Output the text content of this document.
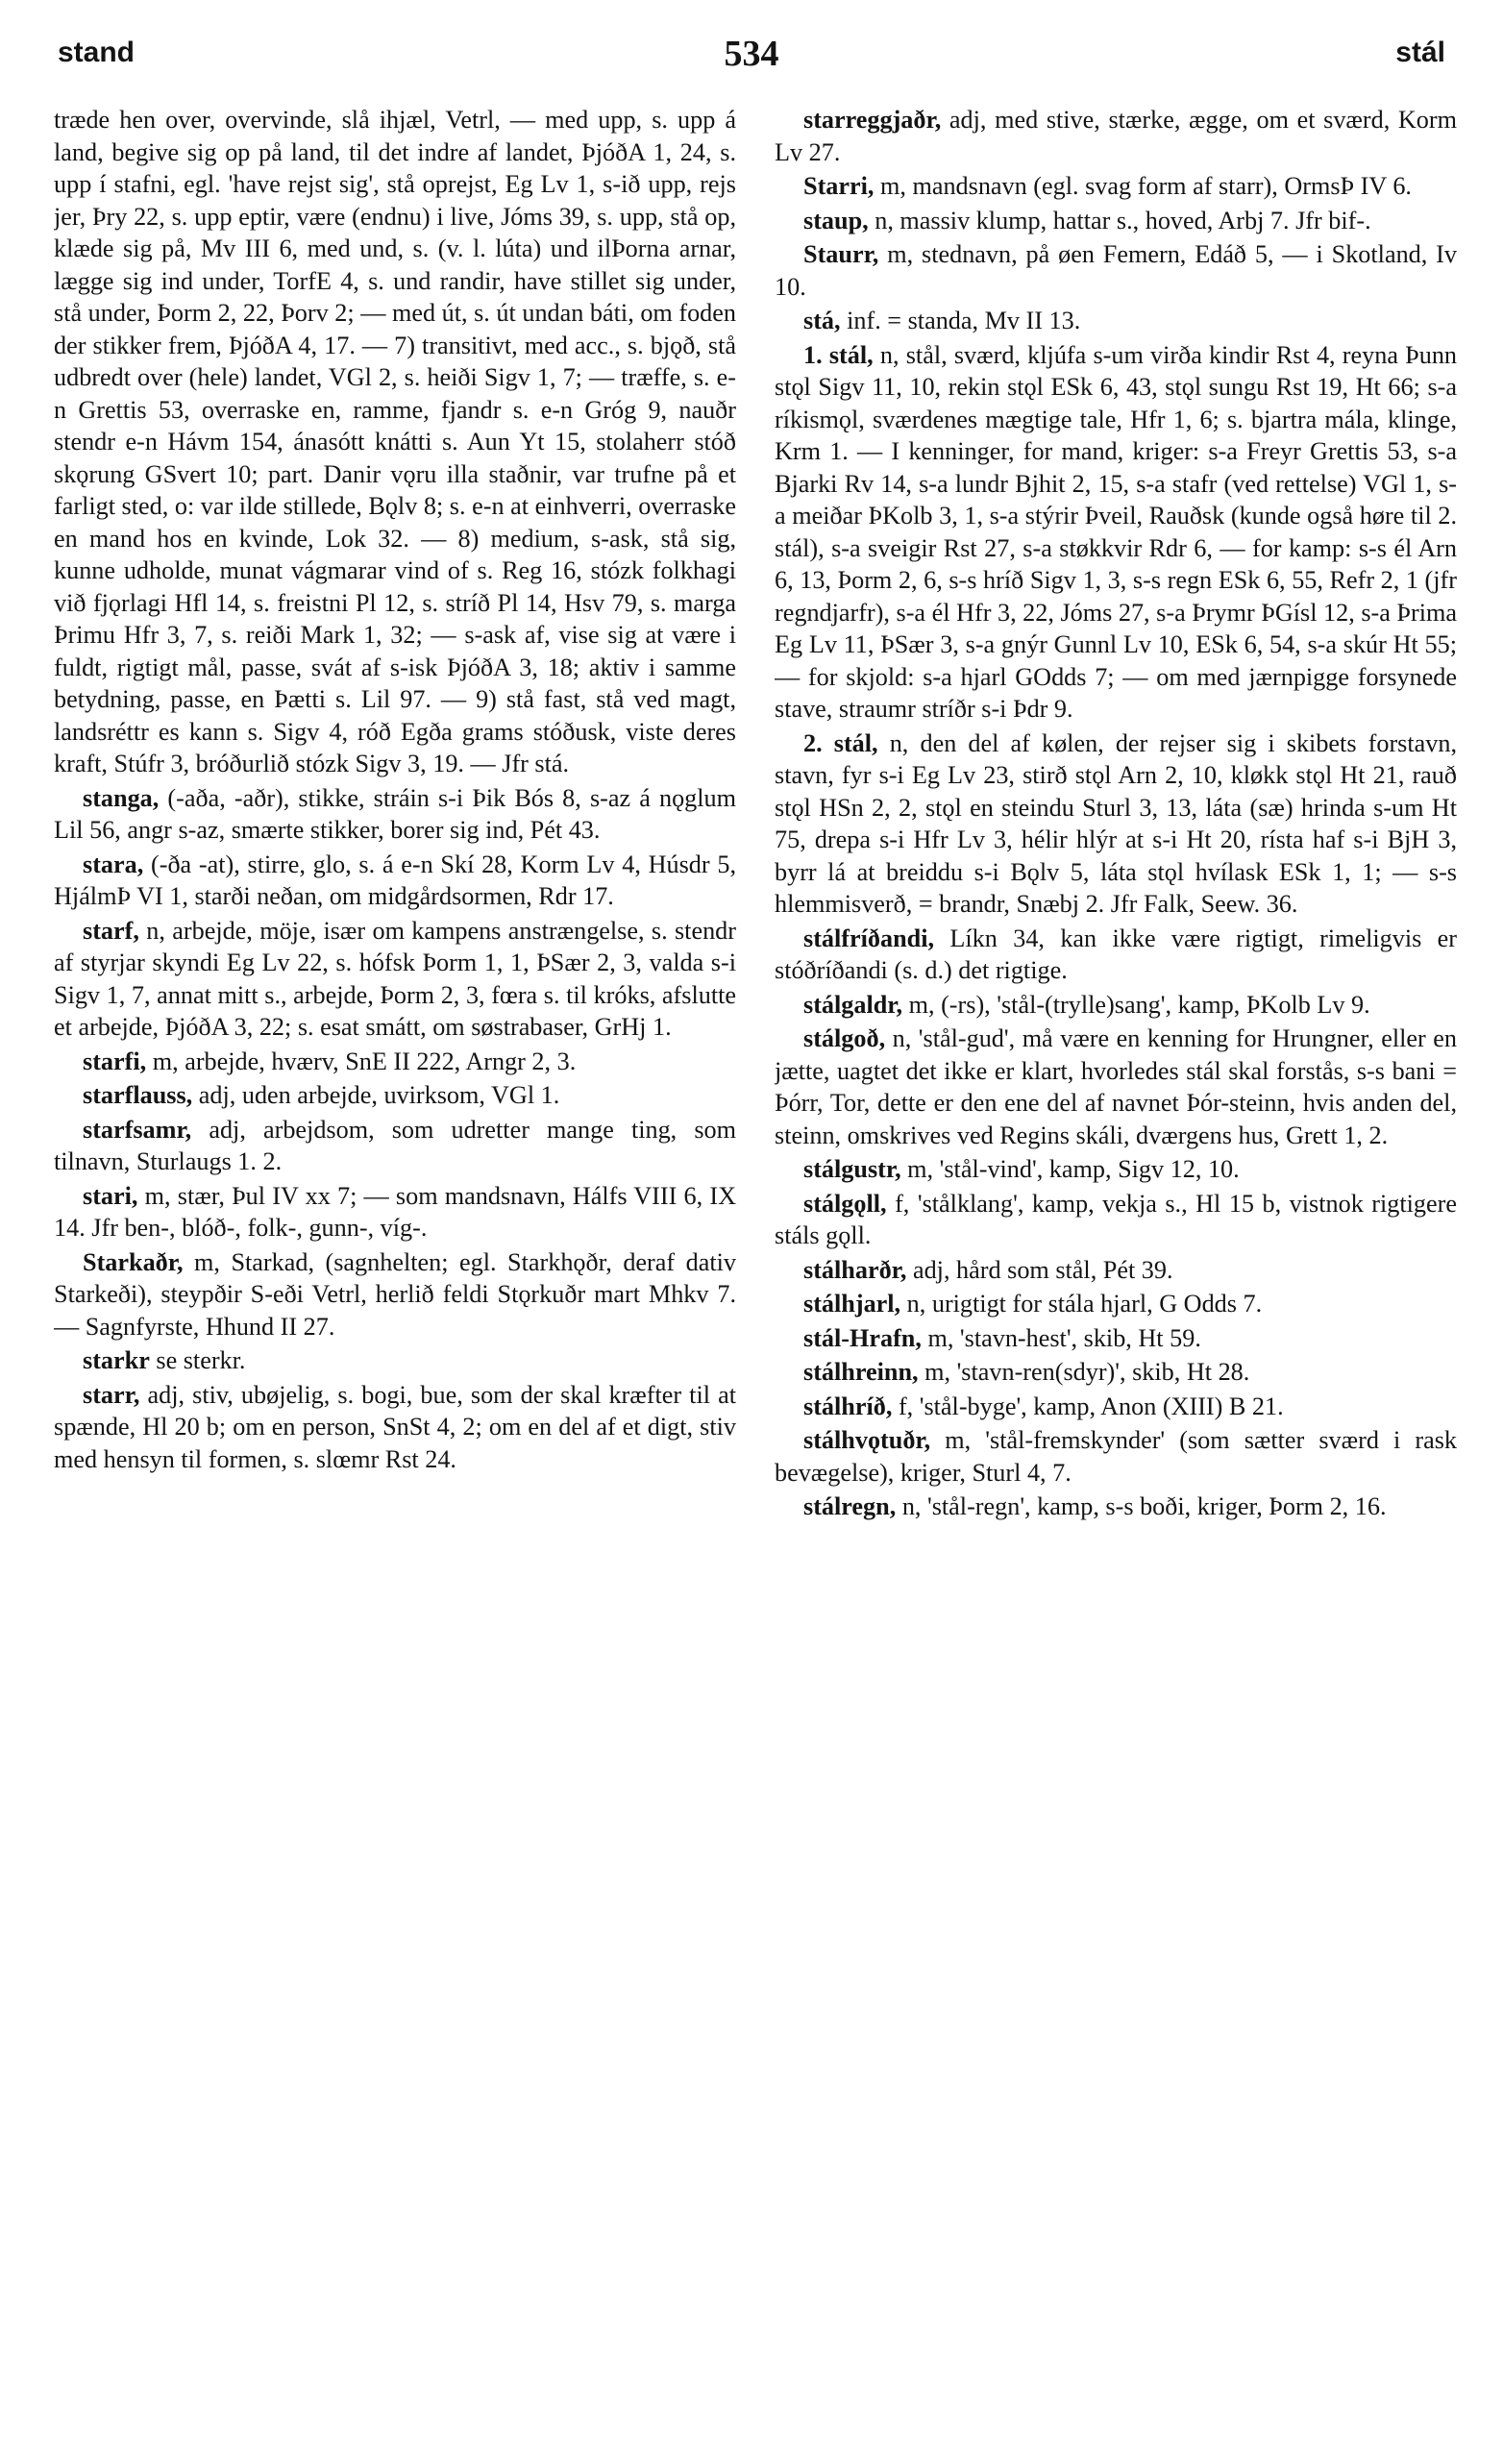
stand	534	stál

træde hen over, overvinde, slå ihjæl, Vetrl, — med upp, s. upp á land, begive sig op på land, til det indre af landet, ÞjóðA 1, 24, s. upp í stafni, egl. 'have rejst sig', stå oprejst, Eg Lv 1, s-ið upp, rejs jer, Þry 22, s. upp eptir, være (endnu) i live, Jóms 39, s. upp, stå op, klæde sig på, Mv III 6, med und, s. (v. l. lúta) und ilÞorna arnar, lægge sig ind under, TorfE 4, s. und randir, have stillet sig under, stå under, Þorm 2, 22, Þorv 2; — med út, s. út undan báti, om foden der stikker frem, ÞjóðA 4, 17. — 7) transitivt, med acc., s. bjǫð, stå udbredt over (hele) landet, VGl 2, s. heiði Sigv 1, 7; — træffe, s. e-n Grettis 53, overraske en, ramme, fjandr s. e-n Gróg 9, nauðr stendr e-n Hávm 154, ánasótt knátti s. Aun Yt 15, stolaherr stóð skǫrung GSvert 10; part. Danir vǫru illa staðnir, var trufne på et farligt sted, o: var ilde stillede, Bǫlv 8; s. e-n at einhverri, overraske en mand hos en kvinde, Lok 32. — 8) medium, s-ask, stå sig, kunne udholde, munat vágmarar vind of s. Reg 16, stózk folkhagi við fjǫrlagi Hfl 14, s. freistni Pl 12, s. stríð Pl 14, Hsv 79, s. marga Þrimu Hfr 3, 7, s. reiði Mark 1, 32; — s-ask af, vise sig at være i fuldt, rigtigt mål, passe, svát af s-isk ÞjóðA 3, 18; aktiv i samme betydning, passe, en Þætti s. Lil 97. — 9) stå fast, stå ved magt, landsréttr es kann s. Sigv 4, róð Egða grams stóðusk, viste deres kraft, Stúfr 3, bróðurlið stózk Sigv 3, 19. — Jfr stá.

stanga, (-aða, -aðr), stikke, stráin s-i Þik Bós 8, s-az á nǫglum Lil 56, angr s-az, smærte stikker, borer sig ind, Pét 43.

stara, (-ða -at), stirre, glo, s. á e-n Skí 28, Korm Lv 4, Húsdr 5, HjálmÞ VI 1, starði neðan, om midgårdsormen, Rdr 17.

starf, n, arbejde, möje, især om kampens anstrængelse, s. stendr af styrjar skyndi Eg Lv 22, s. hófsk Þorm 1, 1, ÞSær 2, 3, valda s-i Sigv 1, 7, annat mitt s., arbejde, Þorm 2, 3, fœra s. til króks, afslutte et arbejde, ÞjóðA 3, 22; s. esat smátt, om søstrabaser, GrHj 1.

starfi, m, arbejde, hværv, SnE II 222, Arngr 2, 3.

starflauss, adj, uden arbejde, uvirksom, VGl 1.

starfsamr, adj, arbejdsom, som udretter mange ting, som tilnavn, Sturlaugs 1. 2.

stari, m, stær, Þul IV xx 7; — som mandsnavn, Hálfs VIII 6, IX 14. Jfr ben-, blóð-, folk-, gunn-, víg-.

Starkaðr, m, Starkad, (sagnhelten; egl. Starkhǫðr, deraf dativ Starkeði), steypðir S-eði Vetrl, herlið feldi Stǫrkuðr mart Mhkv 7. — Sagnfyrste, Hhund II 27.

starkr se sterkr.

starr, adj, stiv, ubøjelig, s. bogi, bue, som der skal kræfter til at spænde, Hl 20 b; om en person, SnSt 4, 2; om en del af et digt, stiv med hensyn til formen, s. slœmr Rst 24.

starreggjaðr, adj, med stive, stærke, ægge, om et sværd, Korm Lv 27.

Starri, m, mandsnavn (egl. svag form af starr), OrmsÞ IV 6.

staup, n, massiv klump, hattar s., hoved, Arbj 7. Jfr bif-.

Staurr, m, stednavn, på øen Femern, Edáð 5, — i Skotland, Iv 10.

stá, inf. = standa, Mv II 13.

1. stál, n, stål, sværd, kljúfa s-um virða kindir Rst 4, reyna Þunn stǫl Sigv 11, 10, rekin stǫl ESk 6, 43, stǫl sungu Rst 19, Ht 66; s-a ríkismǫl, sværdenes mægtige tale, Hfr 1, 6; s. bjartra mála, klinge, Krm 1. — I kenninger, for mand, kriger: s-a Freyr Grettis 53, s-a Bjarki Rv 14, s-a lundr Bjhit 2, 15, s-a stafr (ved rettelse) VGl 1, s-a meiðar ÞKolb 3, 1, s-a stýrir Þveil, Rauðsk (kunde også høre til 2. stál), s-a sveigir Rst 27, s-a støkkvir Rdr 6, — for kamp: s-s él Arn 6, 13, Þorm 2, 6, s-s hríð Sigv 1, 3, s-s regn ESk 6, 55, Refr 2, 1 (jfr regndjarfr), s-a él Hfr 3, 22, Jóms 27, s-a Þrymr ÞGísl 12, s-a Þrima Eg Lv 11, ÞSær 3, s-a gnýr Gunnl Lv 10, ESk 6, 54, s-a skúr Ht 55; — for skjold: s-a hjarl GOdds 7; — om med jærnpigge forsynede stave, straumr stríðr s-i Þdr 9.

2. stál, n, den del af kølen, der rejser sig i skibets forstavn, stavn, fyr s-i Eg Lv 23, stirð stǫl Arn 2, 10, kløkk stǫl Ht 21, rauð stǫl HSn 2, 2, stǫl en steindu Sturl 3, 13, láta (sæ) hrinda s-um Ht 75, drepa s-i Hfr Lv 3, hélir hlýr at s-i Ht 20, rísta haf s-i BjH 3, byrr lá at breiddu s-i Bǫlv 5, láta stǫl hvílask ESk 1, 1; — s-s hlemmisverð, = brandr, Snæbj 2. Jfr Falk, Seew. 36.

stálfríðandi, Líkn 34, kan ikke være rigtigt, rimeligvis er stóðríðandi (s. d.) det rigtige.

stálgaldr, m, (-rs), 'stål-(trylle)sang', kamp, ÞKolb Lv 9.

stálgoð, n, 'stål-gud', må være en kenning for Hrungner, eller en jætte, uagtet det ikke er klart, hvorledes stál skal forstås, s-s bani = Þórr, Tor, dette er den ene del af navnet Þór-steinn, hvis anden del, steinn, omskrives ved Regins skáli, dværgens hus, Grett 1, 2.

stálgustr, m, 'stål-vind', kamp, Sigv 12, 10.

stálgǫll, f, 'stålklang', kamp, vekja s., Hl 15 b, vistnok rigtigere stáls gǫll.

stálharðr, adj, hård som stål, Pét 39.

stálhjarl, n, urigtigt for stála hjarl, G Odds 7.

stál-Hrafn, m, 'stavn-hest', skib, Ht 59.

stálhreinn, m, 'stavn-ren(sdyr)', skib, Ht 28.

stálhríð, f, 'stål-byge', kamp, Anon (XIII) B 21.

stálhvǫtuðr, m, 'stål-fremskynder' (som sætter sværd i rask bevægelse), kriger, Sturl 4, 7.

stálregn, n, 'stål-regn', kamp, s-s boði, kriger, Þorm 2, 16.
